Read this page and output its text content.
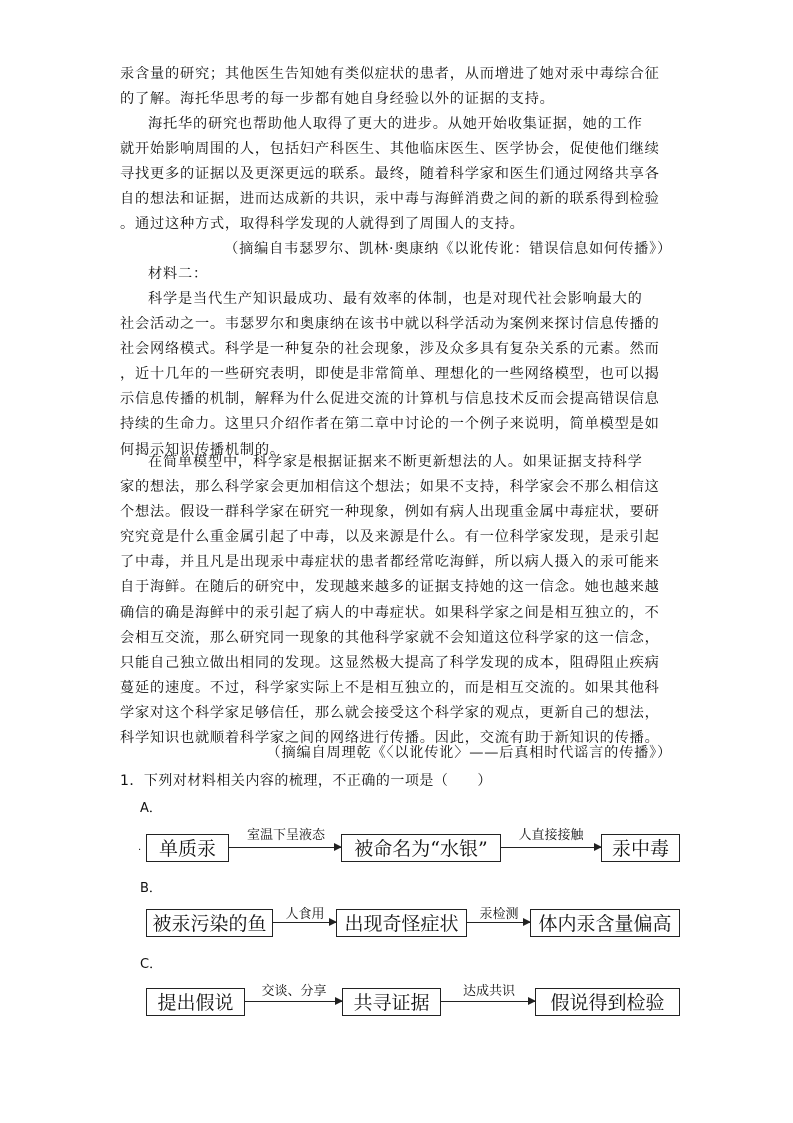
汞含量的研究；其他医生告知她有类似症状的患者，从而增进了她对汞中毒综合征
的了解。海托华思考的每一步都有她自身经验以外的证据的支持。
海托华的研究也帮助他人取得了更大的进步。从她开始收集证据，她的工作
就开始影响周围的人，包括妇产科医生、其他临床医生、医学协会，促使他们继续
寻找更多的证据以及更深更远的联系。最终，随着科学家和医生们通过网络共享各
自的想法和证据，进而达成新的共识，汞中毒与海鲜消费之间的新的联系得到检验
。通过这种方式，取得科学发现的人就得到了周围人的支持。
（摘编自韦瑟罗尔、凯林·奥康纳《以讹传讹：错误信息如何传播》）
材料二：
科学是当代生产知识最成功、最有效率的体制，也是对现代社会影响最大的
社会活动之一。韦瑟罗尔和奥康纳在该书中就以科学活动为案例来探讨信息传播的
社会网络模式。科学是一种复杂的社会现象，涉及众多具有复杂关系的元素。然而
，近十几年的一些研究表明，即使是非常简单、理想化的一些网络模型，也可以揭
示信息传播的机制，解释为什么促进交流的计算机与信息技术反而会提高错误信息
持续的生命力。这里只介绍作者在第二章中讨论的一个例子来说明，简单模型是如
何揭示知识传播机制的。
在简单模型中，科学家是根据证据来不断更新想法的人。如果证据支持科学
家的想法，那么科学家会更加相信这个想法；如果不支持，科学家会不那么相信这
个想法。假设一群科学家在研究一种现象，例如有病人出现重金属中毒症状，要研
究究竟是什么重金属引起了中毒，以及来源是什么。有一位科学家发现，是汞引起
了中毒，并且凡是出现汞中毒症状的患者都经常吃海鲜，所以病人摄入的汞可能来
自于海鲜。在随后的研究中，发现越来越多的证据支持她的这一信念。她也越来越
确信的确是海鲜中的汞引起了病人的中毒症状。如果科学家之间是相互独立的，不
会相互交流，那么研究同一现象的其他科学家就不会知道这位科学家的这一信念，
只能自己独立做出相同的发现。这显然极大提高了科学发现的成本，阻碍阻止疾病
蔓延的速度。不过，科学家实际上不是相互独立的，而是相互交流的。如果其他科
学家对这个科学家足够信任，那么就会接受这个科学家的观点，更新自己的想法，
科学知识也就顺着科学家之间的网络进行传播。因此，交流有助于新知识的传播。
（摘编自周理乾《〈以讹传讹〉——后真相时代谣言的传播》）
1．下列对材料相关内容的梳理，不正确的一项是（　　）
A．
室温下呈液态	人直接接触
. 单质汞	被命名为“水银”	汞中毒
B．
人食用	汞检测
被汞污染的鱼	出现奇怪症状	体内汞含量偏高
C．
交谈、分享	达成共识
提出假说	共寻证据	假说得到检验
